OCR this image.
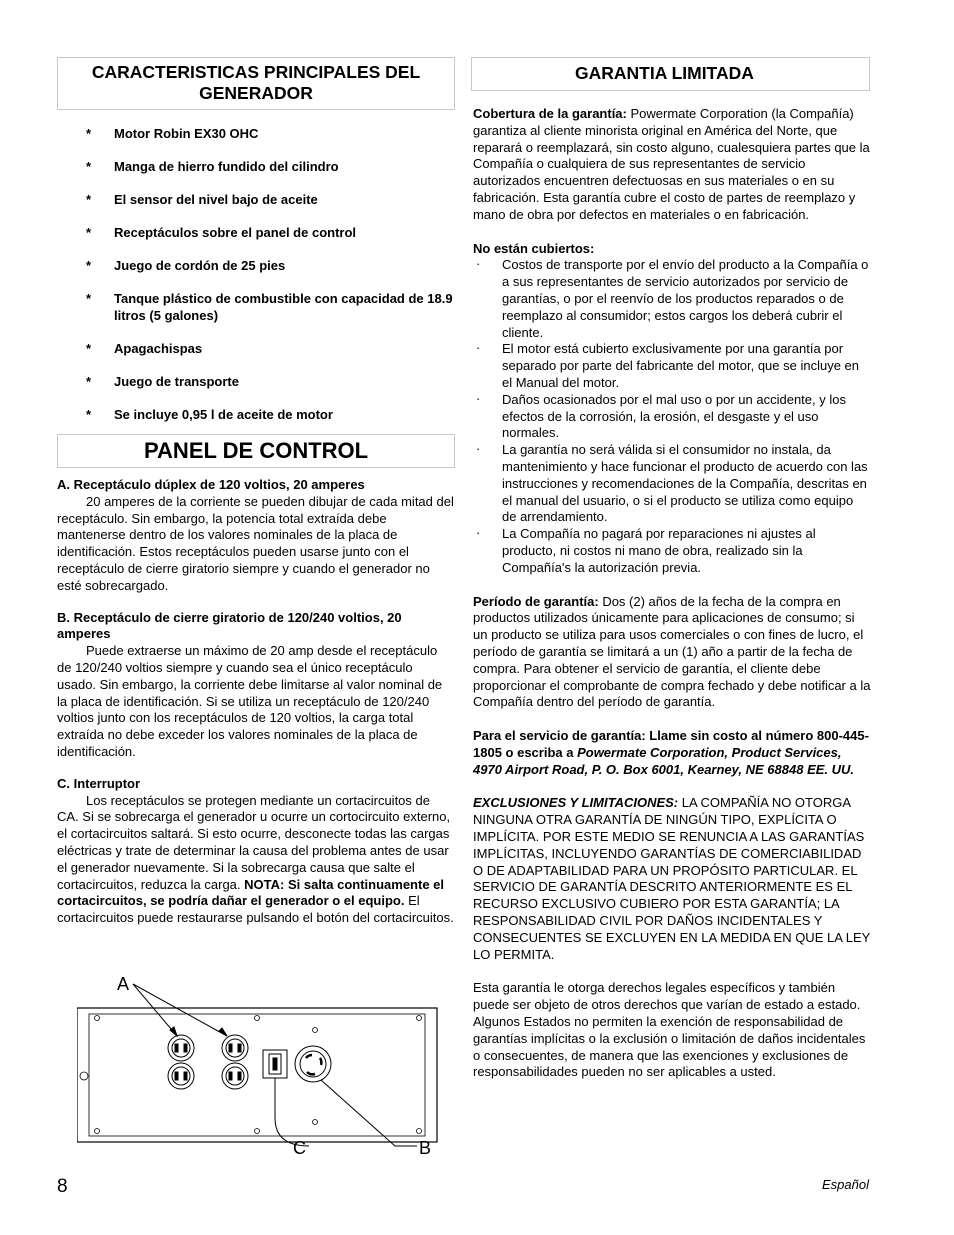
CARACTERISTICAS PRINCIPALES DEL GENERADOR
* Motor Robin EX30 OHC
* Manga de hierro fundido del cilindro
* El sensor del nivel bajo de aceite
* Receptáculos sobre el panel de control
* Juego de cordón de 25 pies
* Tanque plástico de combustible con capacidad de 18.9 litros (5 galones)
* Apagachispas
* Juego de transporte
* Se incluye 0,95 l de aceite de motor
PANEL DE CONTROL

A. Receptáculo dúplex de 120 voltios, 20 amperes

20 amperes de la corriente se pueden dibujar de cada mitad del receptáculo. Sin embargo, la potencia total extraída debe mantenerse dentro de los valores nominales de la placa de identificación. Estos receptáculos pueden usarse junto con el receptáculo de cierre giratorio siempre y cuando el generador no esté sobrecargado.

B. Receptáculo de cierre giratorio de 120/240 voltios, 20 amperes

Puede extraerse un máximo de 20 amp desde el receptáculo de 120/240 voltios siempre y cuando sea el único receptáculo usado. Sin embargo, la corriente debe limitarse al valor nominal de la placa de identificación. Si se utiliza un receptáculo de 120/240 voltios junto con los receptáculos de 120 voltios, la carga total extraída no debe exceder los valores nominales de la placa de identificación.

C. Interruptor

Los receptáculos se protegen mediante un cortacircuitos de CA. Si se sobrecarga el generador u ocurre un cortocircuito externo, el cortacircuitos saltará. Si esto ocurre, desconecte todas las cargas eléctricas y trate de determinar la causa del problema antes de usar el generador nuevamente. Si la sobrecarga causa que salte el cortacircuitos, reduzca la carga. NOTA: Si salta continuamente el cortacircuitos, se podría dañar el generador o el equipo. El cortacircuitos puede restaurarse pulsando el botón del cortacircuitos.

A
C	B
GARANTIA LIMITADA

Cobertura de la garantía: Powermate Corporation (la Compañía) garantiza al cliente minorista original en América del Norte, que reparará o reemplazará, sin costo alguno, cualesquiera partes que la Compañía o cualquiera de sus representantes de servicio autorizados encuentren defectuosas en sus materiales o en su fabricación. Esta garantía cubre el costo de partes de reemplazo y mano de obra por defectos en materiales o en fabricación.

No están cubiertos:

· Costos de transporte por el envío del producto a la Compañía o a sus representantes de servicio autorizados por servicio de garantías, o por el reenvío de los productos reparados o de reemplazo al consumidor; estos cargos los deberá cubrir el cliente.
· El motor está cubierto exclusivamente por una garantía por separado por parte del fabricante del motor, que se incluye en el Manual del motor.
· Daños ocasionados por el mal uso o por un accidente, y los efectos de la corrosión, la erosión, el desgaste y el uso normales.
· La garantía no será válida si el consumidor no instala, da mantenimiento y hace funcionar el producto de acuerdo con las instrucciones y recomendaciones de la Compañía, descritas en el manual del usuario, o si el producto se utiliza como equipo de arrendamiento.
· La Compañía no pagará por reparaciones ni ajustes al producto, ni costos ni mano de obra, realizado sin la Compañía's la autorización previa.

Período de garantía: Dos (2) años de la fecha de la compra en productos utilizados únicamente para aplicaciones de consumo; si un producto se utiliza para usos comerciales o con fines de lucro, el período de garantía se limitará a un (1) año a partir de la fecha de compra. Para obtener el servicio de garantía, el cliente debe proporcionar el comprobante de compra fechado y debe notificar a la Compañía dentro del período de garantía.

Para el servicio de garantía: Llame sin costo al número 800-445-1805 o escriba a Powermate Corporation, Product Services, 4970 Airport Road, P. O. Box 6001, Kearney, NE 68848 EE. UU.

EXCLUSIONES Y LIMITACIONES: LA COMPAÑÍA NO OTORGA NINGUNA OTRA GARANTÍA DE NINGÚN TIPO, EXPLÍCITA O IMPLÍCITA. POR ESTE MEDIO SE RENUNCIA A LAS GARANTÍAS IMPLÍCITAS, INCLUYENDO GARANTÍAS DE COMERCIABILIDAD O DE ADAPTABILIDAD PARA UN PROPÓSITO PARTICULAR. EL SERVICIO DE GARANTÍA DESCRITO ANTERIORMENTE ES EL RECURSO EXCLUSIVO CUBIERO POR ESTA GARANTÍA; LA RESPONSABILIDAD CIVIL POR DAÑOS INCIDENTALES Y CONSECUENTES SE EXCLUYEN EN LA MEDIDA EN QUE LA LEY LO PERMITA.

Esta garantía le otorga derechos legales específicos y también puede ser objeto de otros derechos que varían de estado a estado. Algunos Estados no permiten la exención de responsabilidad de garantías implícitas o la exclusión o limitación de daños incidentales o consecuentes, de manera que las exenciones y exclusiones de responsabilidades pueden no ser aplicables a usted.

8	Español
